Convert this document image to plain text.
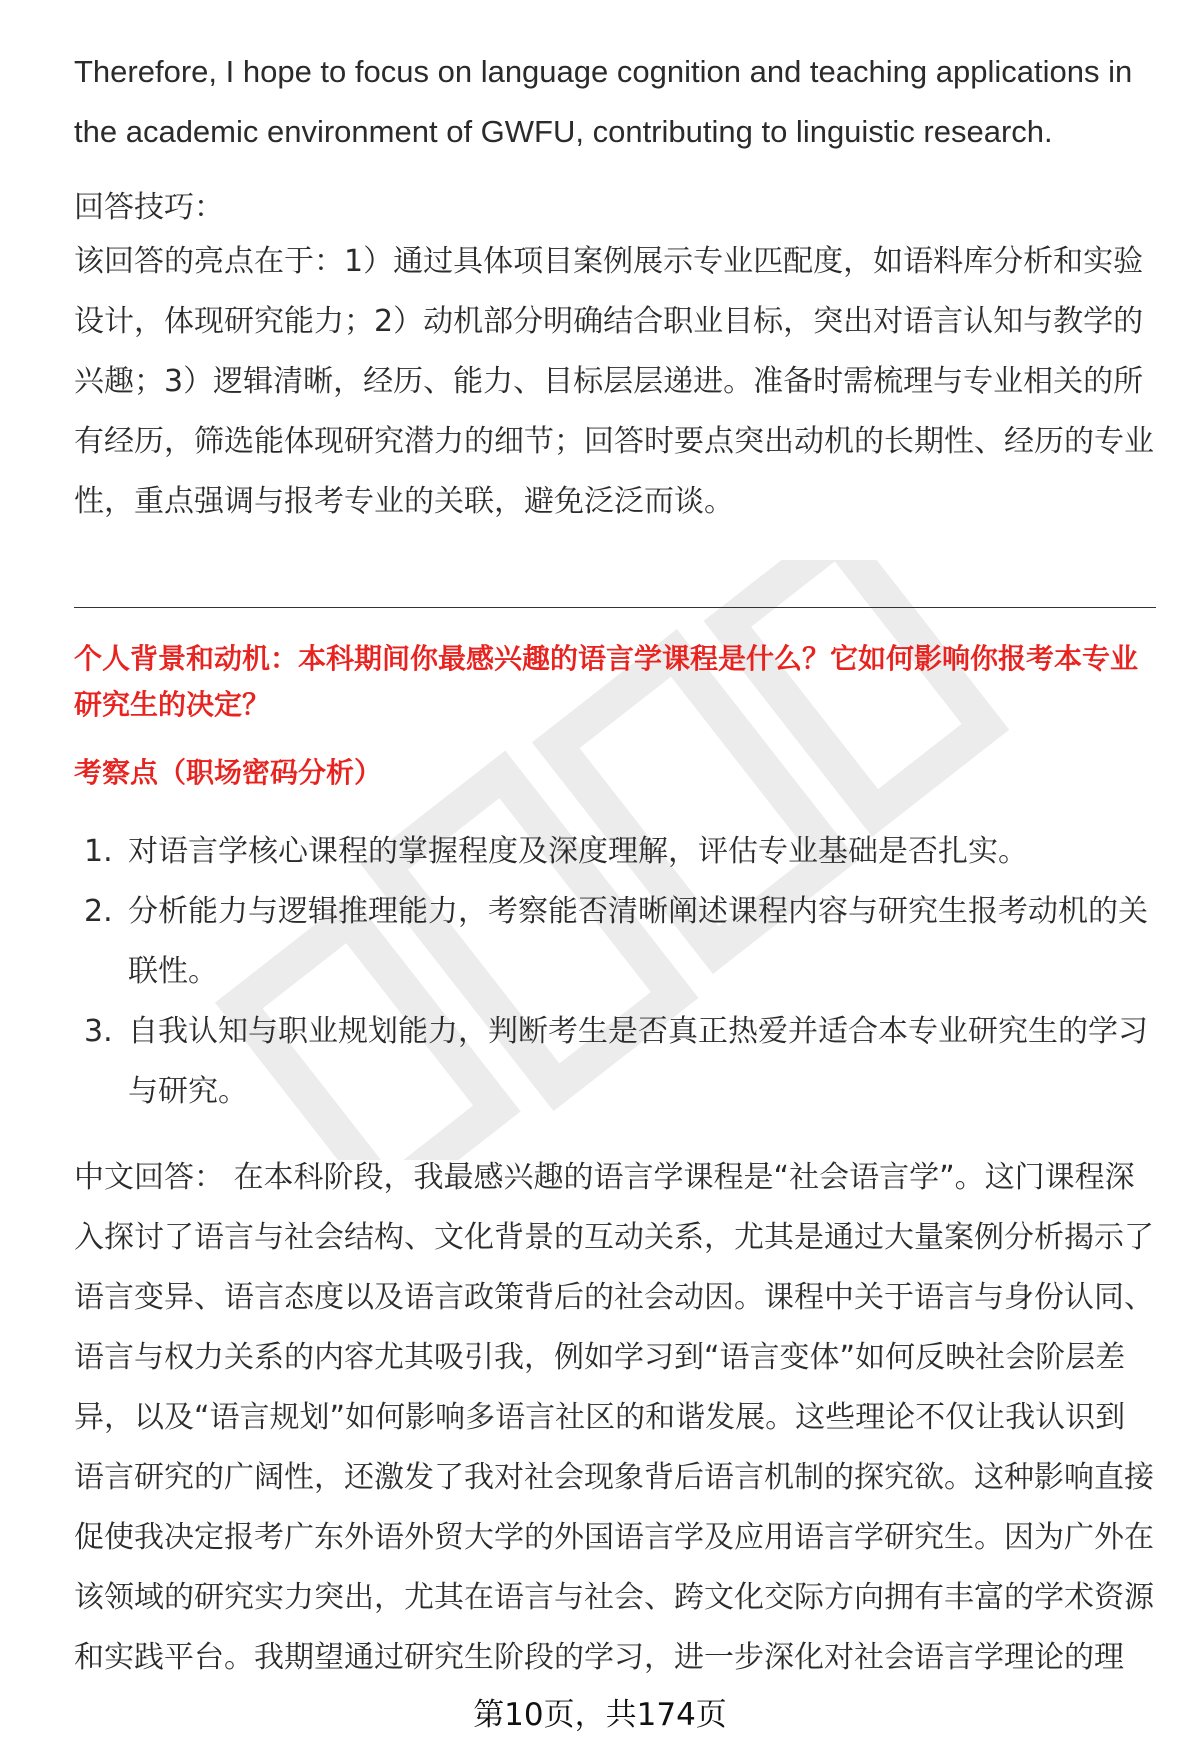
Therefore, I hope to focus on language cognition and teaching applications in the academic environment of GWFU, contributing to linguistic research.

回答技巧：

该回答的亮点在于：1）通过具体项目案例展示专业匹配度，如语料库分析和实验设计，体现研究能力；2）动机部分明确结合职业目标，突出对语言认知与教学的兴趣；3）逻辑清晰，经历、能力、目标层层递进。准备时需梳理与专业相关的所有经历，筛选能体现研究潜力的细节；回答时要点突出动机的长期性、经历的专业性，重点强调与报考专业的关联，避免泛泛而谈。

个人背景和动机：本科期间你最感兴趣的语言学课程是什么？它如何影响你报考本专业研究生的决定？

考察点（职场密码分析）

1. 对语言学核心课程的掌握程度及深度理解，评估专业基础是否扎实。
2. 分析能力与逻辑推理能力，考察能否清晰阐述课程内容与研究生报考动机的关联性。
3. 自我认知与职业规划能力，判断考生是否真正热爱并适合本专业研究生的学习与研究。

中文回答： 在本科阶段，我最感兴趣的语言学课程是“社会语言学”。这门课程深入探讨了语言与社会结构、文化背景的互动关系，尤其是通过大量案例分析揭示了语言变异、语言态度以及语言政策背后的社会动因。课程中关于语言与身份认同、语言与权力关系的内容尤其吸引我，例如学习到“语言变体”如何反映社会阶层差异，以及“语言规划”如何影响多语言社区的和谐发展。这些理论不仅让我认识到语言研究的广阔性，还激发了我对社会现象背后语言机制的探究欲。这种影响直接促使我决定报考广东外语外贸大学的外国语言学及应用语言学研究生。因为广外在该领域的研究实力突出，尤其在语言与社会、跨文化交际方向拥有丰富的学术资源和实践平台。我期望通过研究生阶段的学习，进一步深化对社会语言学理论的理

第10页，共174页
